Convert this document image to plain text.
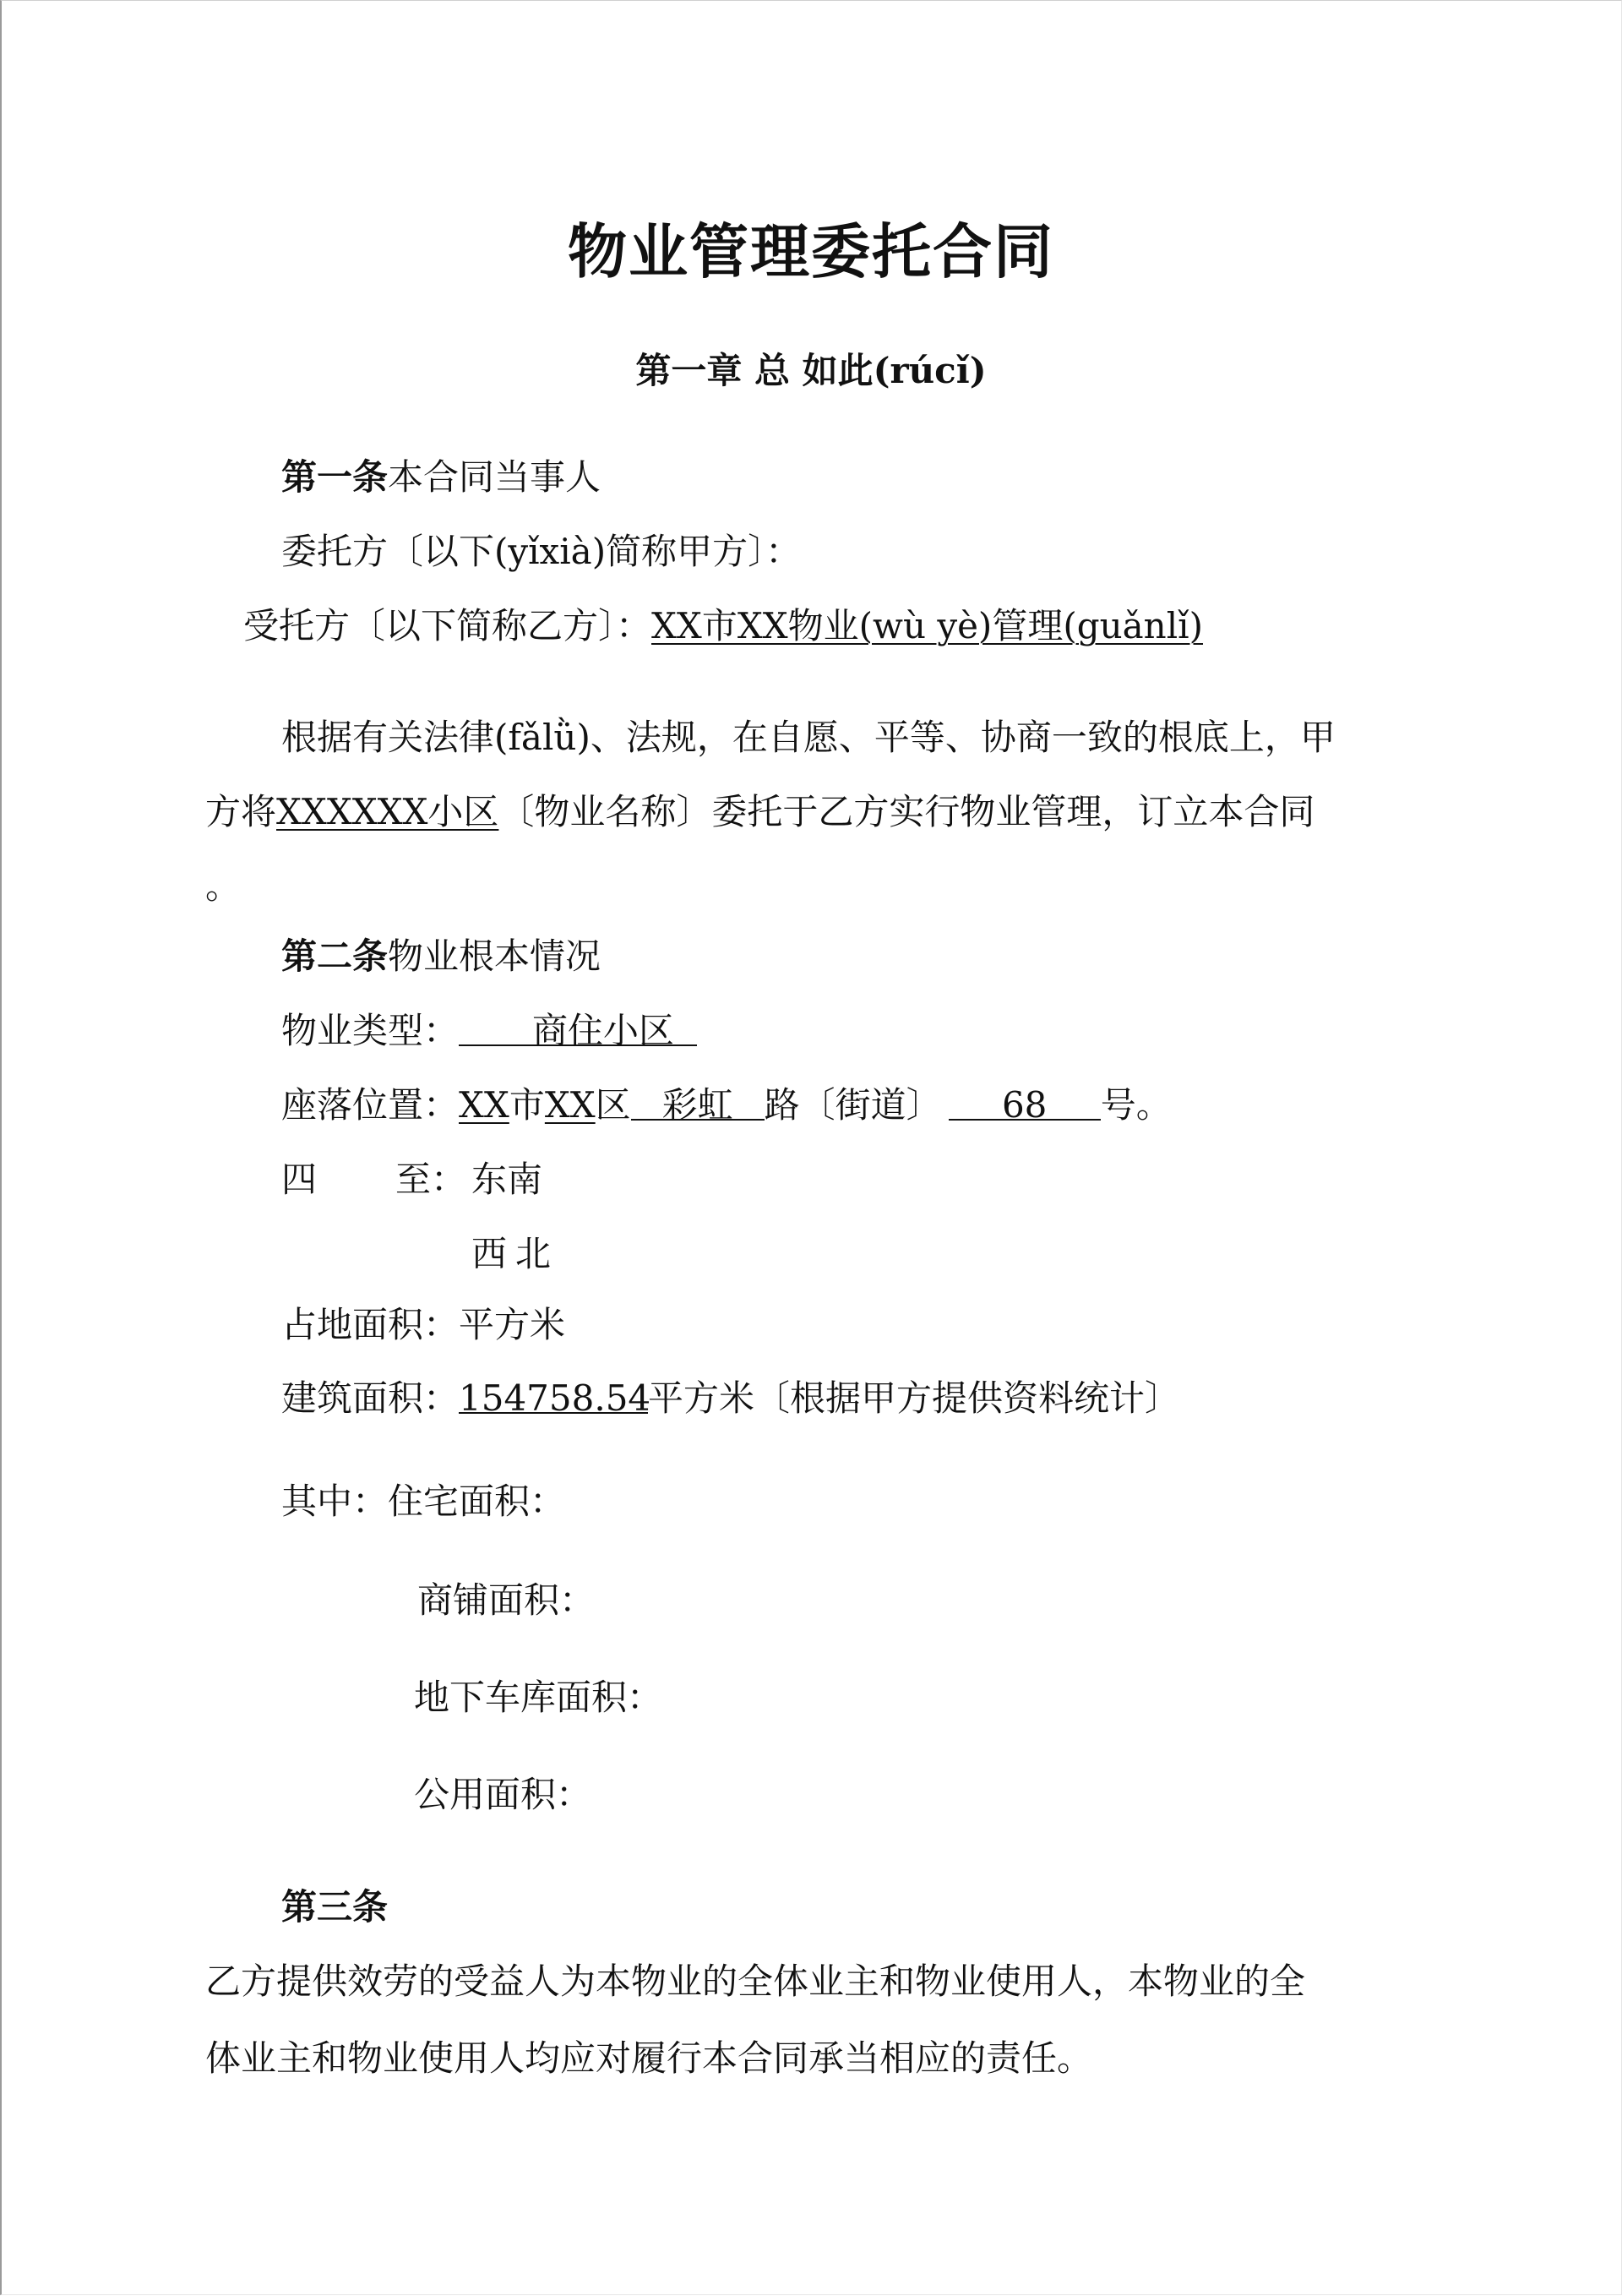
物业管理委托合同
第一章 总 如此(rúcǐ)
第一条本合同当事人
委托方〔以下(yǐxià)简称甲方〕：
受托方〔以下简称乙方〕：XX市XX物业(wù yè)管理(guǎnlǐ)
根据有关法律(fǎlǜ)、法规，在自愿、平等、协商一致的根底上，甲
方将XXXXXX小区〔物业名称〕委托于乙方实行物业管理，订立本合同
。
第二条物业根本情况
物业类型： 商住小区
座落位置：XX市XX区 彩虹 路〔街道〕 68 号。
四 至： 东南
西 北
占地面积：平方米
建筑面积：154758.54平方米〔根据甲方提供资料统计〕
其中：住宅面积：
商铺面积：
地下车库面积：
公用面积：
第三条
乙方提供效劳的受益人为本物业的全体业主和物业使用人，本物业的全
体业主和物业使用人均应对履行本合同承当相应的责任。
